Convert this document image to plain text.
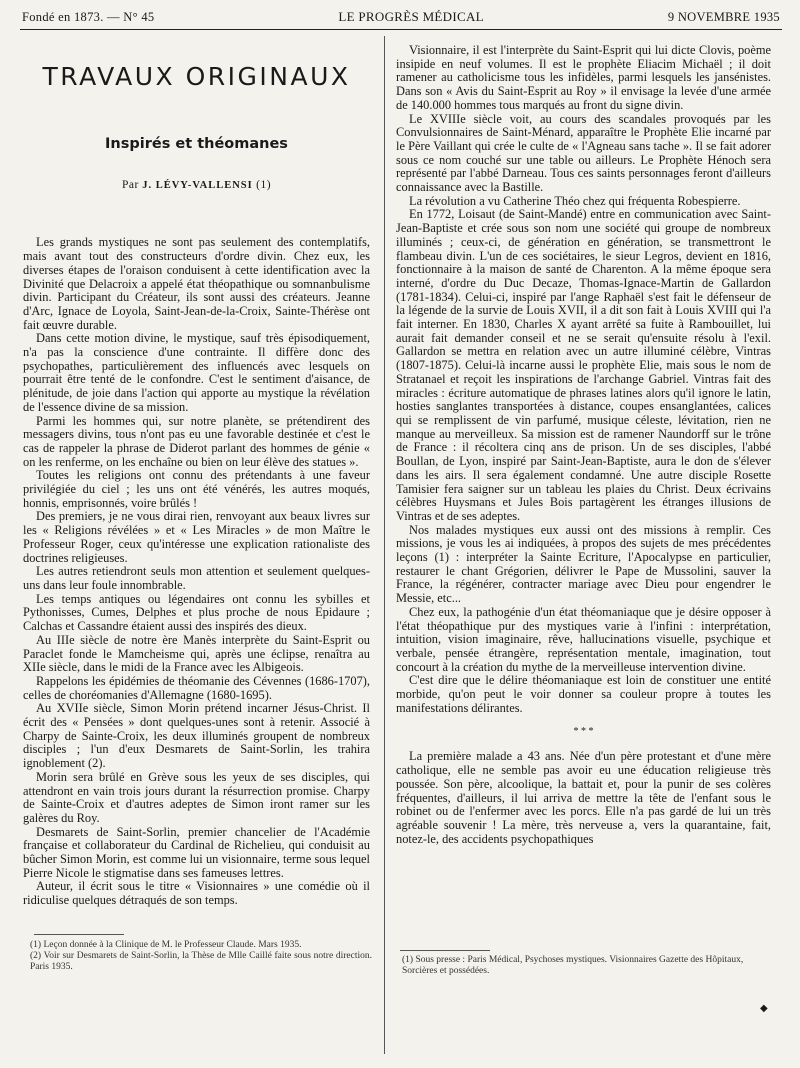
Fondé en 1873. — N° 45	LE PROGRÈS MÉDICAL	9 NOVEMBRE 1935
TRAVAUX ORIGINAUX
Inspirés et théomanes
Par J. LÉVY-VALLENSI (1)

Les grands mystiques ne sont pas seulement des contemplatifs, mais avant tout des constructeurs d'ordre divin. Chez eux, les diverses étapes de l'oraison conduisent à cette identification avec la Divinité que Delacroix a appelé état théopathique ou somnanbulisme divin. Participant du Créateur, ils sont aussi des créateurs. Jeanne d'Arc, Ignace de Loyola, Saint-Jean-de-la-Croix, Sainte-Thérèse ont fait œuvre durable.

Dans cette motion divine, le mystique, sauf très épisodiquement, n'a pas la conscience d'une contrainte. Il diffère donc des psychopathes, particulièrement des influencés avec lesquels on pourrait être tenté de le confondre. C'est le sentiment d'aisance, de plénitude, de joie dans l'action qui apporte au mystique la révélation de l'essence divine de sa mission.

Parmi les hommes qui, sur notre planète, se prétendirent des messagers divins, tous n'ont pas eu une favorable destinée et c'est le cas de rappeler la phrase de Diderot parlant des hommes de génie « on les renferme, on les enchaîne ou bien on leur élève des statues ».

Toutes les religions ont connu des prétendants à une faveur privilégiée du ciel ; les uns ont été vénérés, les autres moqués, honnis, emprisonnés, voire brûlés !

Des premiers, je ne vous dirai rien, renvoyant aux beaux livres sur les « Religions révélées » et « Les Miracles » de mon Maître le Professeur Roger, ceux qu'intéresse une explication rationaliste des doctrines religieuses.

Les autres retiendront seuls mon attention et seulement quelques-uns dans leur foule innombrable.

Les temps antiques ou légendaires ont connu les sybilles et Pythonisses, Cumes, Delphes et plus proche de nous Epidaure ; Calchas et Cassandre étaient aussi des inspirés des dieux.

Au IIIe siècle de notre ère Manès interprète du Saint-Esprit ou Paraclet fonde le Mamcheisme qui, après une éclipse, renaîtra au XIIe siècle, dans le midi de la France avec les Albigeois.

Rappelons les épidémies de théomanie des Cévennes (1686-1707), celles de choréomanies d'Allemagne (1680-1695).

Au XVIIe siècle, Simon Morin prétend incarner Jésus-Christ. Il écrit des « Pensées » dont quelques-unes sont à retenir. Associé à Charpy de Sainte-Croix, les deux illuminés groupent de nombreux disciples ; l'un d'eux Desmarets de Saint-Sorlin, les trahira ignoblement (2).

Morin sera brûlé en Grève sous les yeux de ses disciples, qui attendront en vain trois jours durant la résurrection promise. Charpy de Sainte-Croix et d'autres adeptes de Simon iront ramer sur les galères du Roy.

Desmarets de Saint-Sorlin, premier chancelier de l'Académie française et collaborateur du Cardinal de Richelieu, qui conduisit au bûcher Simon Morin, est comme lui un visionnaire, terme sous lequel Pierre Nicole le stigmatise dans ses fameuses lettres.

Auteur, il écrit sous le titre « Visionnaires » une comédie où il ridiculise quelques détraqués de son temps.

(1) Leçon donnée à la Clinique de M. le Professeur Claude. Mars 1935.
(2) Voir sur Desmarets de Saint-Sorlin, la Thèse de Mlle Caillé faite sous notre direction. Paris 1935.

Visionnaire, il est l'interprète du Saint-Esprit qui lui dicte Clovis, poème insipide en neuf volumes. Il est le prophète Eliacim Michaël ; il doit ramener au catholicisme tous les infidèles, parmi lesquels les jansénistes. Dans son « Avis du Saint-Esprit au Roy » il envisage la levée d'une armée de 140.000 hommes tous marqués au front du signe divin.

Le XVIIIe siècle voit, au cours des scandales provoqués par les Convulsionnaires de Saint-Ménard, apparaître le Prophète Elie incarné par le Père Vaillant qui crée le culte de « l'Agneau sans tache ». Il se fait adorer sous ce nom couché sur une table ou ailleurs. Le Prophète Hénoch sera représenté par l'abbé Darneau. Tous ces saints personnages feront d'ailleurs connaissance avec la Bastille.

La révolution a vu Catherine Théo chez qui fréquenta Robespierre.

En 1772, Loisaut (de Saint-Mandé) entre en communication avec Saint-Jean-Baptiste et crée sous son nom une société qui groupe de nombreux illuminés ; ceux-ci, de génération en génération, se transmettront le flambeau divin. L'un de ces sociétaires, le sieur Legros, devient en 1816, fonctionnaire à la maison de santé de Charenton. A la même époque sera interné, d'ordre du Duc Decaze, Thomas-Ignace-Martin de Gallardon (1781-1834). Celui-ci, inspiré par l'ange Raphaël s'est fait le défenseur de la légende de la survie de Louis XVII, il a dit son fait à Louis XVIII qui l'a fait interner. En 1830, Charles X ayant arrêté sa fuite à Rambouillet, lui aurait fait demander conseil et ne se serait qu'ensuite résolu à l'exil. Gallardon se mettra en relation avec un autre illuminé célèbre, Vintras (1807-1875). Celui-là incarne aussi le prophète Elie, mais sous le nom de Stratanael et reçoit les inspirations de l'archange Gabriel. Vintras fait des miracles : écriture automatique de phrases latines alors qu'il ignore le latin, hosties sanglantes transportées à distance, coupes ensanglantées, calices qui se remplissent de vin parfumé, musique céleste, lévitation, rien ne manque au merveilleux. Sa mission est de ramener Naundorff sur le trône de France : il récoltera cinq ans de prison. Un de ses disciples, l'abbé Boullan, de Lyon, inspiré par Saint-Jean-Baptiste, aura le don de s'élever dans les airs. Il sera également condamné. Une autre disciple Rosette Tamisier fera saigner sur un tableau les plaies du Christ. Deux écrivains célèbres Huysmans et Jules Bois partagèrent les étranges illusions de Vintras et de ses adeptes.

Nos malades mystiques eux aussi ont des missions à remplir. Ces missions, je vous les ai indiquées, à propos des sujets de mes précédentes leçons (1) : interpréter la Sainte Ecriture, l'Apocalypse en particulier, restaurer le chant Grégorien, délivrer le Pape de Mussolini, sauver la France, la régénérer, contracter mariage avec Dieu pour engendrer le Messie, etc...

Chez eux, la pathogénie d'un état théomaniaque que je désire opposer à l'état théopathique pur des mystiques varie à l'infini : interprétation, intuition, vision imaginaire, rêve, hallucinations visuelle, psychique et verbale, pensée étrangère, représentation mentale, imagination, tout concourt à la création du mythe de la merveilleuse intervention divine.

C'est dire que le délire théomaniaque est loin de constituer une entité morbide, qu'on peut le voir donner sa couleur propre à toutes les manifestations délirantes.

* * *

La première malade a 43 ans. Née d'un père protestant et d'une mère catholique, elle ne semble pas avoir eu une éducation religieuse très poussée. Son père, alcoolique, la battait et, pour la punir de ses colères fréquentes, d'ailleurs, il lui arriva de mettre la tête de l'enfant sous le robinet ou de l'enfermer avec les porcs. Elle n'a pas gardé de lui un très agréable souvenir ! La mère, très nerveuse a, vers la quarantaine, fait, notez-le, des accidents psychopathiques

(1) Sous presse : Paris Médical, Psychoses mystiques. Visionnaires Gazette des Hôpitaux, Sorcières et possédées.
◆
